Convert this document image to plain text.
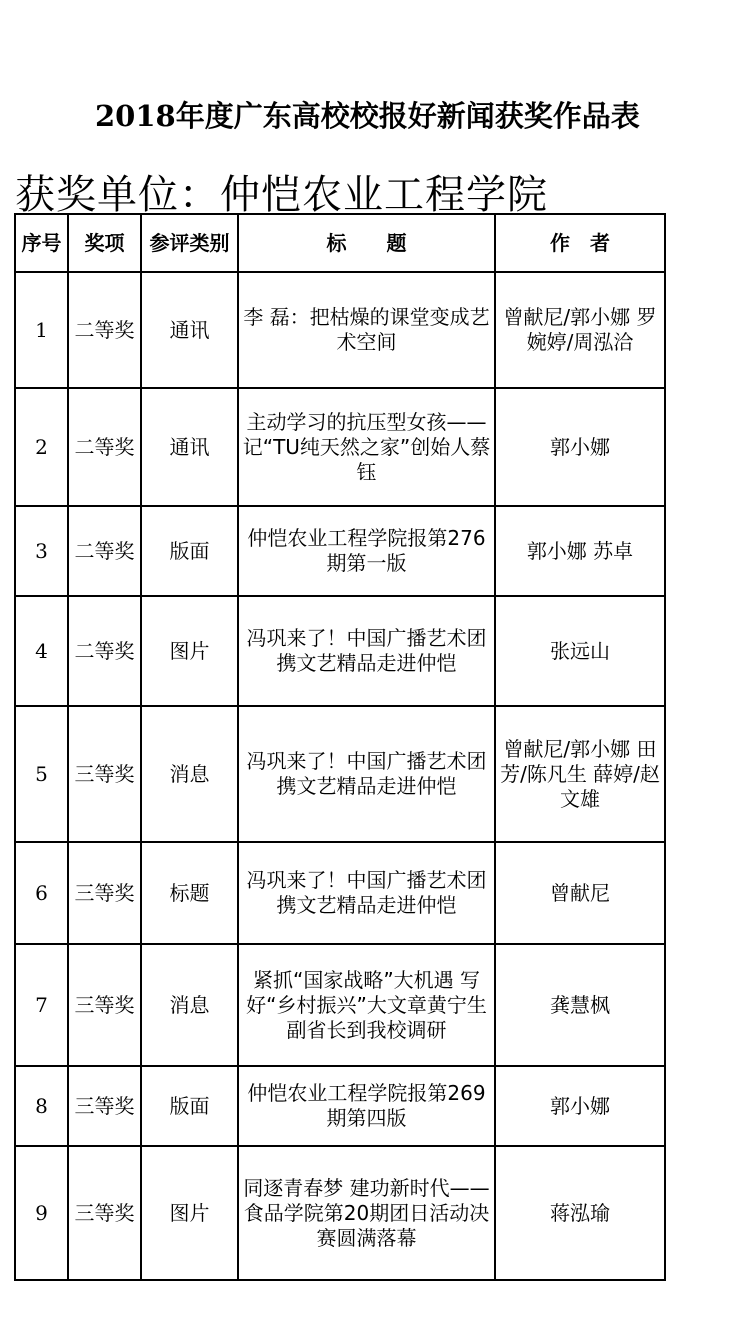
2018年度广东高校校报好新闻获奖作品表
获奖单位：仲恺农业工程学院
序号	奖项	参评类别	标　　题	作　者
1	二等奖	通讯	李 磊：把枯燥的课堂变成艺术空间	曾献尼/郭小娜 罗婉婷/周泓洽
2	二等奖	通讯	主动学习的抗压型女孩——记“TU纯天然之家”创始人蔡钰	郭小娜
3	二等奖	版面	仲恺农业工程学院报第276期第一版	郭小娜 苏卓
4	二等奖	图片	冯巩来了！中国广播艺术团携文艺精品走进仲恺	张远山
5	三等奖	消息	冯巩来了！中国广播艺术团携文艺精品走进仲恺	曾献尼/郭小娜 田芳/陈凡生 薛婷/赵文雄
6	三等奖	标题	冯巩来了！中国广播艺术团携文艺精品走进仲恺	曾献尼
7	三等奖	消息	紧抓“国家战略”大机遇 写好“乡村振兴”大文章黄宁生副省长到我校调研	龚慧枫
8	三等奖	版面	仲恺农业工程学院报第269期第四版	郭小娜
9	三等奖	图片	同逐青春梦 建功新时代——食品学院第20期团日活动决赛圆满落幕	蒋泓瑜
